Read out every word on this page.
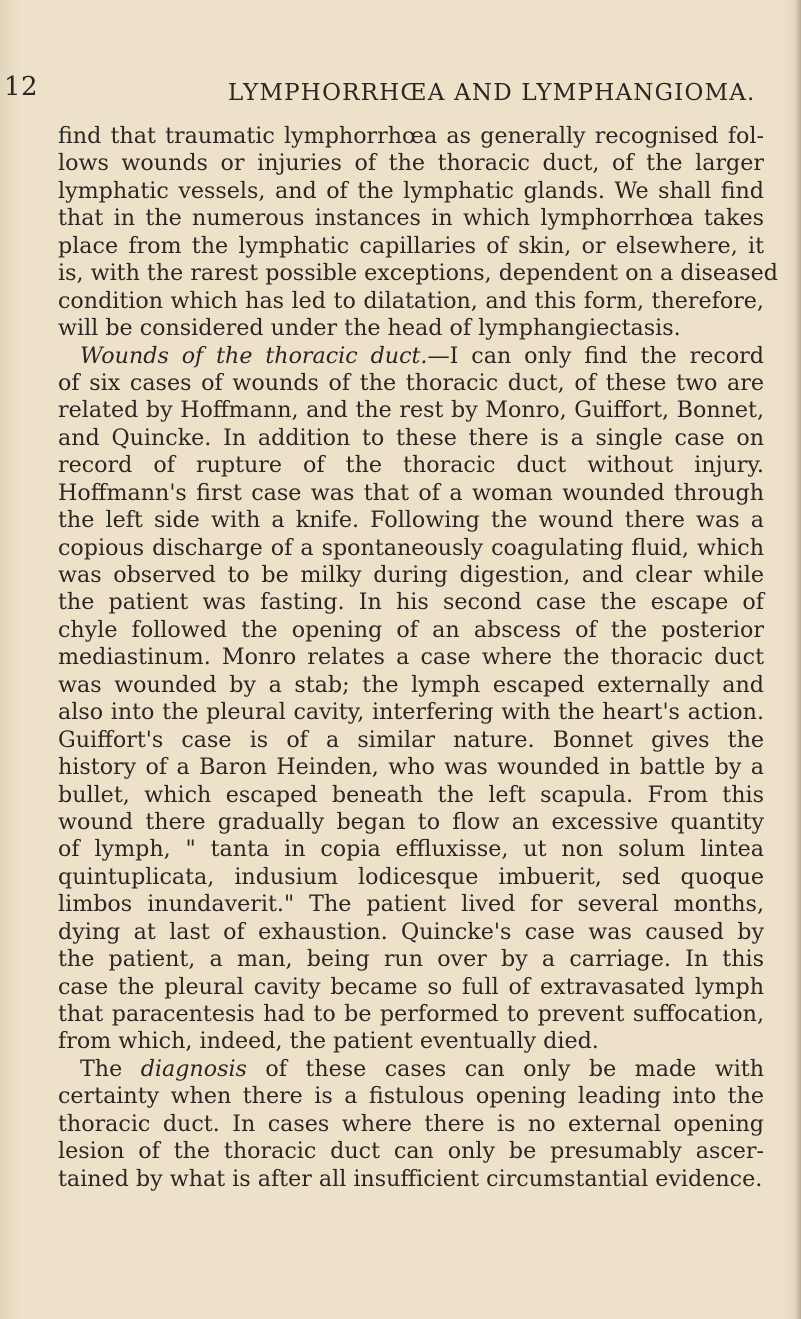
12	LYMPHORRHŒA AND LYMPHANGIOMA.
find that traumatic lymphorrhœa as generally recognised fol-
lows wounds or injuries of the thoracic duct, of the larger
lymphatic vessels, and of the lymphatic glands. We shall find
that in the numerous instances in which lymphorrhœa takes
place from the lymphatic capillaries of skin, or elsewhere, it
is, with the rarest possible exceptions, dependent on a diseased
condition which has led to dilatation, and this form, therefore,
will be considered under the head of lymphangiectasis.
Wounds of the thoracic duct.—I can only find the record
of six cases of wounds of the thoracic duct, of these two are
related by Hoffmann, and the rest by Monro, Guiffort, Bonnet,
and Quincke. In addition to these there is a single case on
record of rupture of the thoracic duct without injury.
Hoffmann's first case was that of a woman wounded through
the left side with a knife. Following the wound there was a
copious discharge of a spontaneously coagulating fluid, which
was observed to be milky during digestion, and clear while
the patient was fasting. In his second case the escape of
chyle followed the opening of an abscess of the posterior
mediastinum. Monro relates a case where the thoracic duct
was wounded by a stab; the lymph escaped externally and
also into the pleural cavity, interfering with the heart's action.
Guiffort's case is of a similar nature. Bonnet gives the
history of a Baron Heinden, who was wounded in battle by a
bullet, which escaped beneath the left scapula. From this
wound there gradually began to flow an excessive quantity
of lymph, " tanta in copia effluxisse, ut non solum lintea
quintuplicata, indusium lodicesque imbuerit, sed quoque
limbos inundaverit." The patient lived for several months,
dying at last of exhaustion. Quincke's case was caused by
the patient, a man, being run over by a carriage. In this
case the pleural cavity became so full of extravasated lymph
that paracentesis had to be performed to prevent suffocation,
from which, indeed, the patient eventually died.
The diagnosis of these cases can only be made with
certainty when there is a fistulous opening leading into the
thoracic duct. In cases where there is no external opening
lesion of the thoracic duct can only be presumably ascer-
tained by what is after all insufficient circumstantial evidence.
